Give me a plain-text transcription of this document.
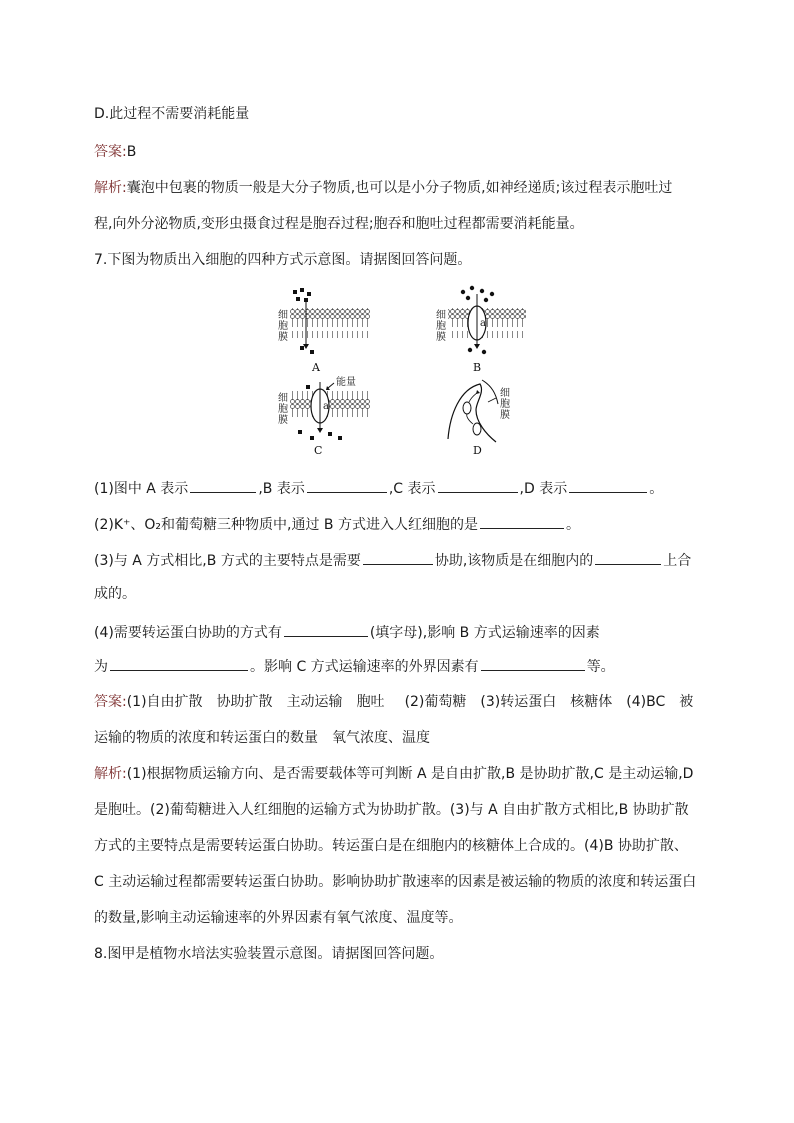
D.此过程不需要消耗能量
答案:B
解析:囊泡中包裹的物质一般是大分子物质,也可以是小分子物质,如神经递质;该过程表示胞吐过
程,向外分泌物质,变形虫摄食过程是胞吞过程;胞吞和胞吐过程都需要消耗能量。
7.下图为物质出入细胞的四种方式示意图。请据图回答问题。
细
胞
膜
A
细
胞
膜
a
B
细
胞
膜
a
能量
C
细
胞
膜
D
(1)图中 A 表示	,B 表示	,C 表示	,D 表示	。
(2)K⁺、O₂和葡萄糖三种物质中,通过 B 方式进入人红细胞的是	。
(3)与 A 方式相比,B 方式的主要特点是需要	协助,该物质是在细胞内的	上合
成的。
(4)需要转运蛋白协助的方式有	(填字母),影响 B 方式运输速率的因素
为	。影响 C 方式运输速率的外界因素有	等。
答案:(1)自由扩散 协助扩散 主动运输 胞吐 (2)葡萄糖 (3)转运蛋白 核糖体 (4)BC 被
运输的物质的浓度和转运蛋白的数量 氧气浓度、温度
解析:(1)根据物质运输方向、是否需要载体等可判断 A 是自由扩散,B 是协助扩散,C 是主动运输,D
是胞吐。(2)葡萄糖进入人红细胞的运输方式为协助扩散。(3)与 A 自由扩散方式相比,B 协助扩散
方式的主要特点是需要转运蛋白协助。转运蛋白是在细胞内的核糖体上合成的。(4)B 协助扩散、
C 主动运输过程都需要转运蛋白协助。影响协助扩散速率的因素是被运输的物质的浓度和转运蛋白
的数量,影响主动运输速率的外界因素有氧气浓度、温度等。
8.图甲是植物水培法实验装置示意图。请据图回答问题。
